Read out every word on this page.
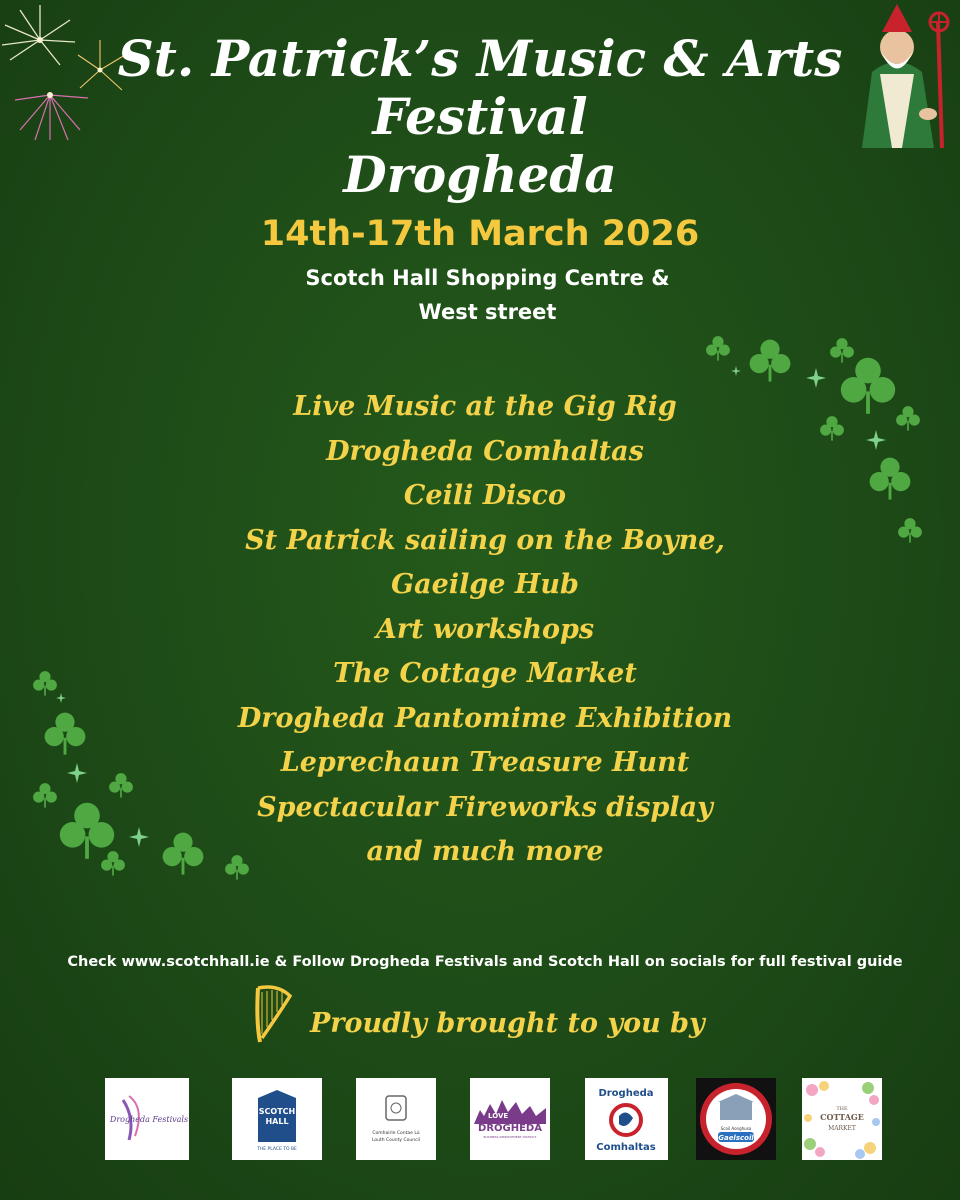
St. Patrick’s Music & Arts
Festival
Drogheda
14th-17th March 2026
Scotch Hall Shopping Centre &
West street
Live Music at the Gig Rig
Drogheda Comhaltas
Ceili Disco
St Patrick sailing on the Boyne,
Gaeilge Hub
Art workshops
The Cottage Market
Drogheda Pantomime Exhibition
Leprechaun Treasure Hunt
Spectacular Fireworks display
and much more
Check www.scotchhall.ie & Follow Drogheda Festivals and Scotch Hall on socials for full festival guide
Proudly brought to you by
Drogheda Festivals
SCOTCH
HALL
THE PLACE TO BE
Comhairle Contae Lú
Louth County Council
LOVE
DROGHEDA
BUSINESS IMPROVEMENT DISTRICT
Drogheda
Comhaltas
Scoil Aonghusa
Gaelscoil
THE
COTTAGE
MARKET
